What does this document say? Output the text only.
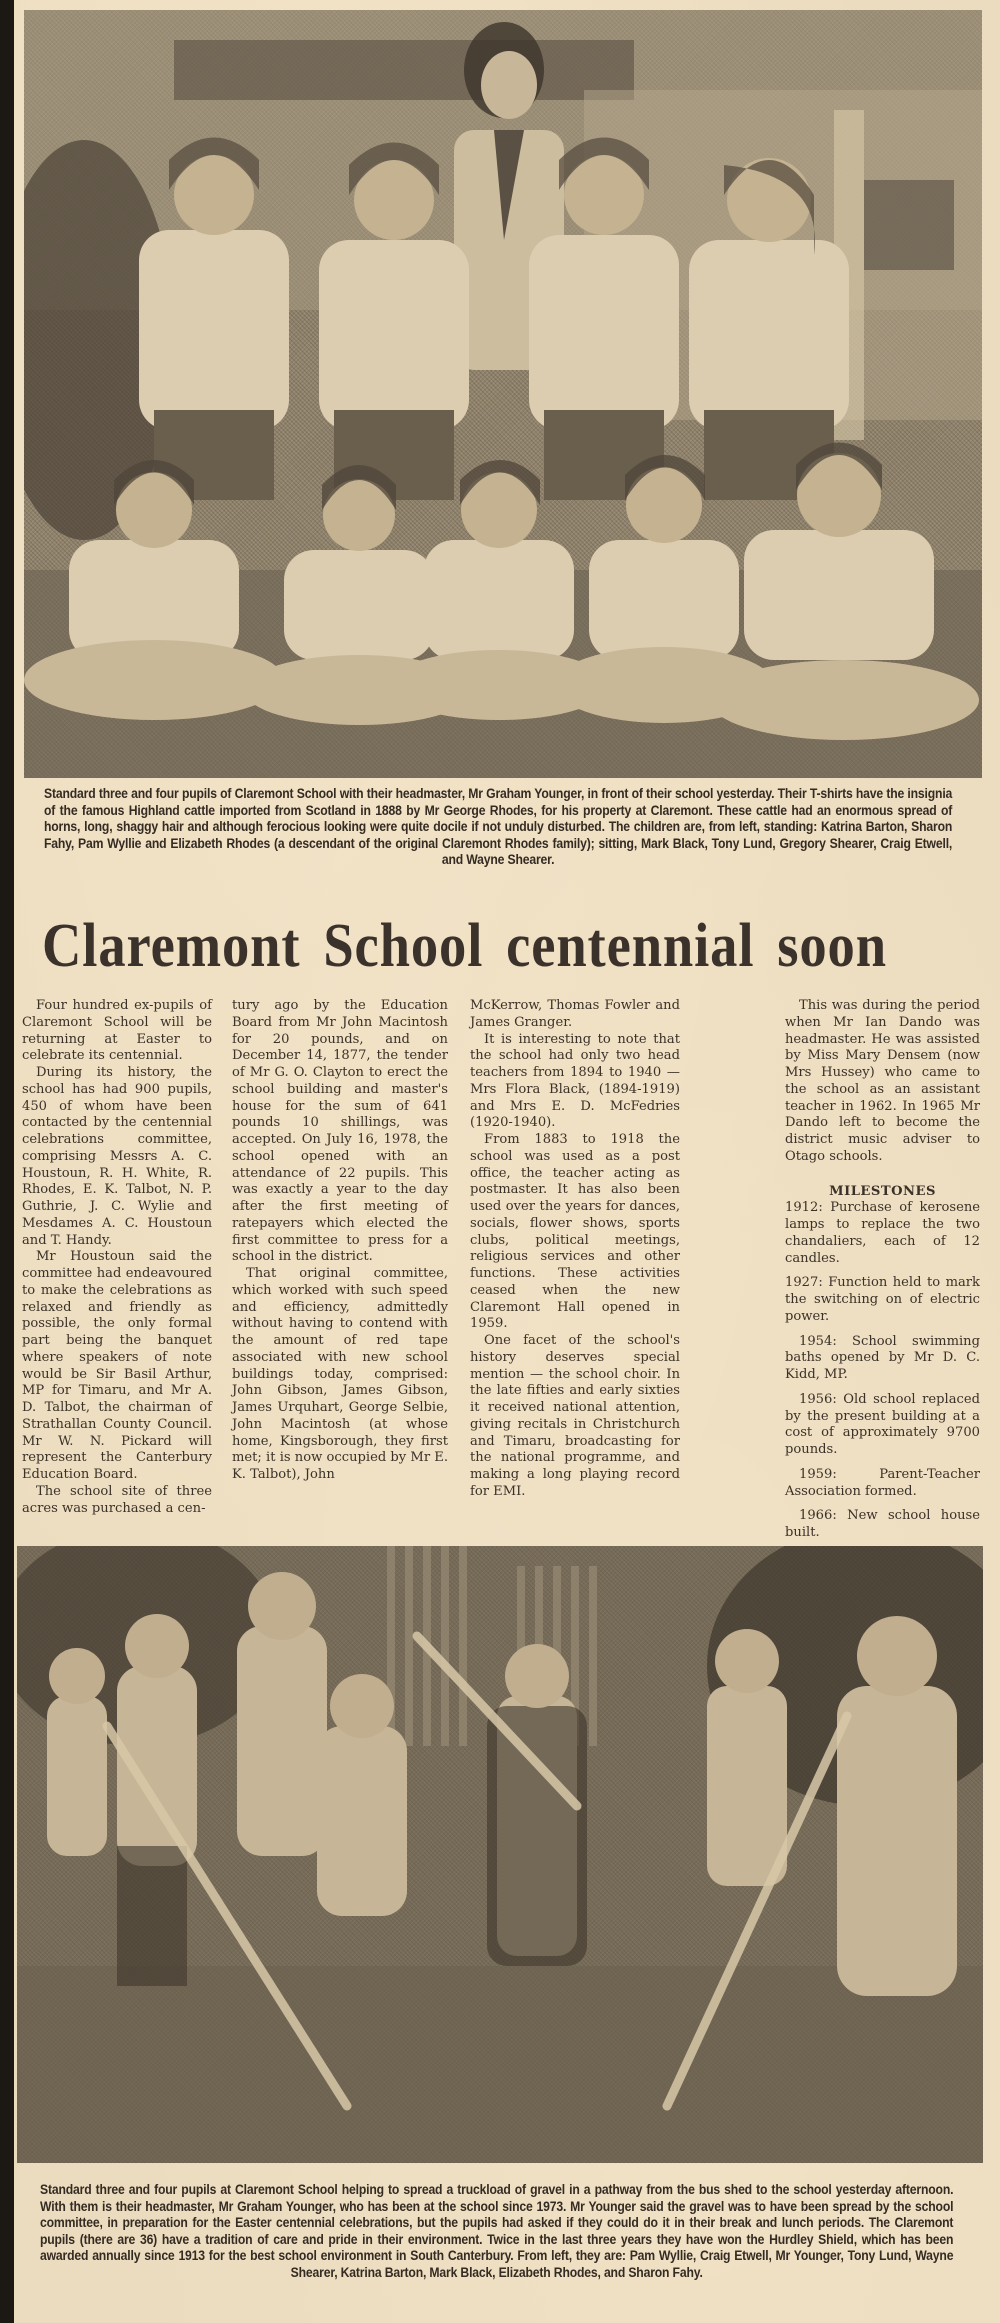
Standard three and four pupils of Claremont School with their headmaster, Mr Graham Younger, in front of their school yesterday. Their T-shirts have the insignia of the famous Highland cattle imported from Scotland in 1888 by Mr George Rhodes, for his property at Claremont. These cattle had an enormous spread of horns, long, shaggy hair and although ferocious looking were quite docile if not unduly disturbed. The children are, from left, standing: Katrina Barton, Sharon Fahy, Pam Wyllie and Elizabeth Rhodes (a descendant of the original Claremont Rhodes family); sitting, Mark Black, Tony Lund, Gregory Shearer, Craig Etwell, and Wayne Shearer.
Claremont School centennial soon

Four hundred ex-pupils of Claremont School will be returning at Easter to celebrate its centennial.

During its history, the school has had 900 pupils, 450 of whom have been contacted by the centennial celebrations committee, comprising Messrs A. C. Houstoun, R. H. White, R. Rhodes, E. K. Talbot, N. P. Guthrie, J. C. Wylie and Mesdames A. C. Houstoun and T. Handy.

Mr Houstoun said the committee had endeavoured to make the celebrations as relaxed and friendly as possible, the only formal part being the banquet where speakers of note would be Sir Basil Arthur, MP for Timaru, and Mr A. D. Talbot, the chairman of Strathallan County Council. Mr W. N. Pickard will represent the Canterbury Education Board.

The school site of three acres was purchased a cen-

tury ago by the Education Board from Mr John Macintosh for 20 pounds, and on December 14, 1877, the tender of Mr G. O. Clayton to erect the school building and master's house for the sum of 641 pounds 10 shillings, was accepted. On July 16, 1978, the school opened with an attendance of 22 pupils. This was exactly a year to the day after the first meeting of ratepayers which elected the first committee to press for a school in the district.

That original committee, which worked with such speed and efficiency, admittedly without having to contend with the amount of red tape associated with new school buildings today, comprised: John Gibson, James Gibson, James Urquhart, George Selbie, John Macintosh (at whose home, Kingsborough, they first met; it is now occupied by Mr E. K. Talbot), John

McKerrow, Thomas Fowler and James Granger.

It is interesting to note that the school had only two head teachers from 1894 to 1940 — Mrs Flora Black, (1894-1919) and Mrs E. D. McFedries (1920-1940).

From 1883 to 1918 the school was used as a post office, the teacher acting as postmaster. It has also been used over the years for dances, socials, flower shows, sports clubs, political meetings, religious services and other functions. These activities ceased when the new Claremont Hall opened in 1959.

One facet of the school's history deserves special mention — the school choir. In the late fifties and early sixties it received national attention, giving recitals in Christchurch and Timaru, broadcasting for the national programme, and making a long playing record for EMI.

This was during the period when Mr Ian Dando was headmaster. He was assisted by Miss Mary Densem (now Mrs Hussey) who came to the school as an assistant teacher in 1962. In 1965 Mr Dando left to become the district music adviser to Otago schools.

MILESTONES

1912: Purchase of kerosene lamps to replace the two chandaliers, each of 12 candles.

1927: Function held to mark the switching on of electric power.

1954: School swimming baths opened by Mr D. C. Kidd, MP.

1956: Old school replaced by the present building at a cost of approximately 9700 pounds.

1959: Parent-Teacher Association formed.

1966: New school house built.

Standard three and four pupils at Claremont School helping to spread a truckload of gravel in a pathway from the bus shed to the school yesterday afternoon. With them is their headmaster, Mr Graham Younger, who has been at the school since 1973. Mr Younger said the gravel was to have been spread by the school committee, in preparation for the Easter centennial celebrations, but the pupils had asked if they could do it in their break and lunch periods. The Claremont pupils (there are 36) have a tradition of care and pride in their environment. Twice in the last three years they have won the Hurdley Shield, which has been awarded annually since 1913 for the best school environment in South Canterbury. From left, they are: Pam Wyllie, Craig Etwell, Mr Younger, Tony Lund, Wayne Shearer, Katrina Barton, Mark Black, Elizabeth Rhodes, and Sharon Fahy.
